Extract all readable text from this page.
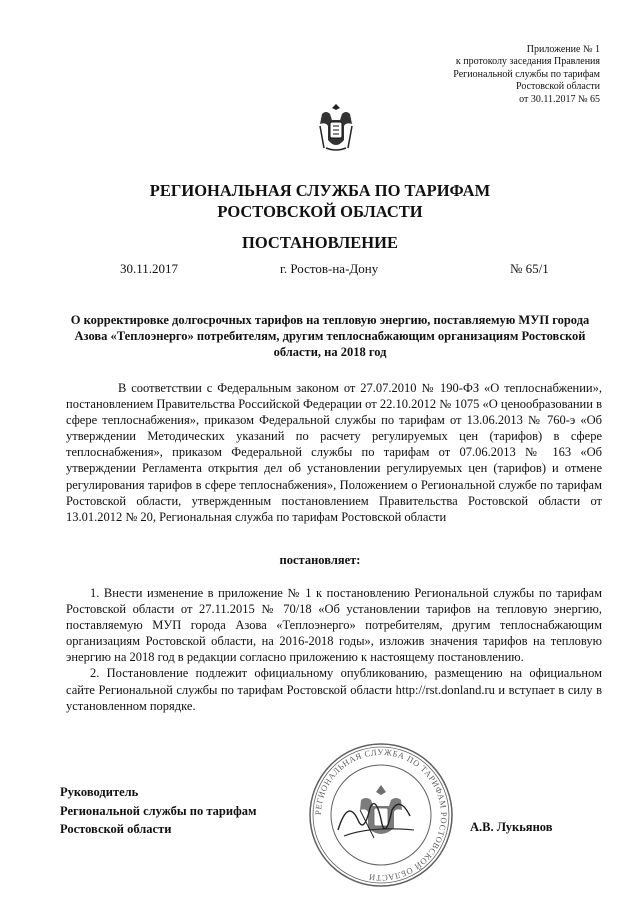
Приложение № 1
к протоколу заседания Правления
Региональной службы по тарифам
Ростовской области
от 30.11.2017 № 65
РЕГИОНАЛЬНАЯ СЛУЖБА ПО ТАРИФАМ
РОСТОВСКОЙ ОБЛАСТИ
ПОСТАНОВЛЕНИЕ
30.11.2017	г. Ростов-на-Дону	№ 65/1
О корректировке долгосрочных тарифов на тепловую энергию, поставляемую МУП города Азова «Теплоэнерго» потребителям, другим теплоснабжающим организациям Ростовской области, на 2018 год

В соответствии с Федеральным законом от 27.07.2010 № 190-ФЗ «О теплоснабжении», постановлением Правительства Российской Федерации от 22.10.2012 № 1075 «О ценообразовании в сфере теплоснабжения», приказом Федеральной службы по тарифам от 13.06.2013 № 760-э «Об утверждении Методических указаний по расчету регулируемых цен (тарифов) в сфере теплоснабжения», приказом Федеральной службы по тарифам от 07.06.2013 № 163 «Об утверждении Регламента открытия дел об установлении регулируемых цен (тарифов) и отмене регулирования тарифов в сфере теплоснабжения», Положением о Региональной службе по тарифам Ростовской области, утвержденным постановлением Правительства Ростовской области от 13.01.2012 № 20, Региональная служба по тарифам Ростовской области

постановляет:

1. Внести изменение в приложение № 1 к постановлению Региональной службы по тарифам Ростовской области от 27.11.2015 № 70/18 «Об установлении тарифов на тепловую энергию, поставляемую МУП города Азова «Теплоэнерго» потребителям, другим теплоснабжающим организациям Ростовской области, на 2016-2018 годы», изложив значения тарифов на тепловую энергию на 2018 год в редакции согласно приложению к настоящему постановлению.

2. Постановление подлежит официальному опубликованию, размещению на официальном сайте Региональной службы по тарифам Ростовской области http://rst.donland.ru и вступает в силу в установленном порядке.

РЕГИОНАЛЬНАЯ СЛУЖБА ПО ТАРИФАМ РОСТОВСКОЙ ОБЛАСТИ
Руководитель
Региональной службы по тарифам
Ростовской области	А.В. Лукьянов
